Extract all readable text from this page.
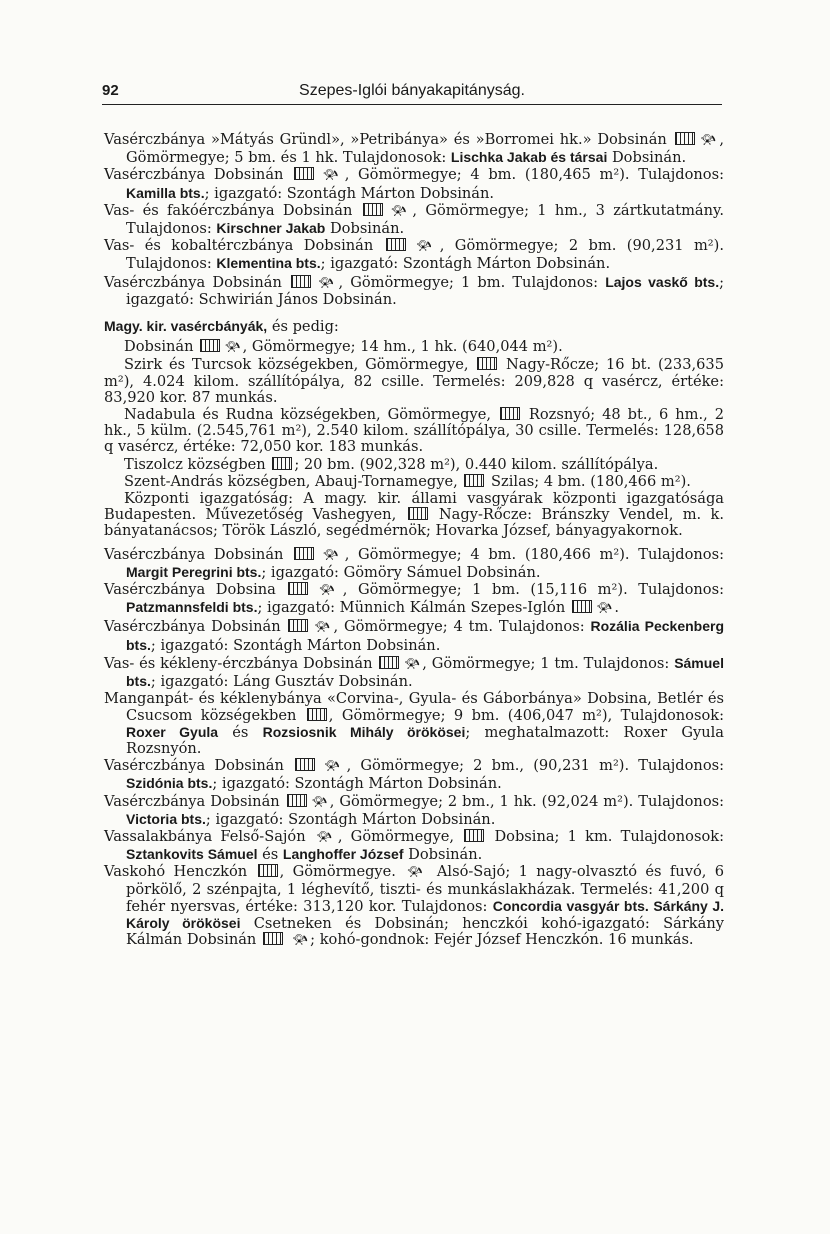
92	Szepes-Iglói bányakapitányság.

Vasérczbánya »Mátyás Gründl», »Petribánya» és »Borromei hk.» Dobsinán 📯︎ , Gömörmegye; 5 bm. és 1 hk. Tulajdonosok: Lischka Jakab és társai Dobsinán.

Vasérczbánya Dobsinán	📯︎ , Gömörmegye; 4 bm. (180,465 m²). Tulajdonos: Kamilla bts.; igazgató: Szontágh Márton Dobsinán.

Vas- és fakóérczbánya Dobsinán	📯︎ , Gömörmegye; 1 hm., 3 zártkutatmány. Tulajdonos: Kirschner Jakab Dobsinán.

Vas- és kobaltérczbánya Dobsinán	📯︎ , Gömörmegye; 2 bm. (90,231 m²). Tulajdonos: Klementina bts.; igazgató: Szontágh Márton Dobsinán.

Vasérczbánya Dobsinán	📯︎ , Gömörmegye; 1 bm. Tulajdonos: Lajos vaskő bts.; igazgató: Schwirián János Dobsinán.

Magy. kir. vasércbányák, és pedig:

Dobsinán 📯︎ , Gömörmegye; 14 hm., 1 hk. (640,044 m²).

Szirk és Turcsok községekben, Gömörmegye,	Nagy-Rőcze; 16 bt. (233,635 m²), 4.024 kilom. szállítópálya, 82 csille. Termelés: 209,828 q vasércz, értéke: 83,920 kor. 87 munkás.

Nadabula és Rudna községekben, Gömörmegye,	Rozsnyó; 48 bt., 6 hm., 2 hk., 5 külm. (2.545,761 m²), 2.540 kilom. szállítópálya, 30 csille. Termelés: 128,658 q vasércz, értéke: 72,050 kor. 183 munkás.

Tiszolcz községben ; 20 bm. (902,328 m²), 0.440 kilom. szállítópálya.

Szent-András községben, Abauj-Tornamegye, Szilas; 4 bm. (180,466 m²).

Központi igazgatóság: A magy. kir. állami vasgyárak központi igazgatósága Budapesten. Művezetőség Vashegyen,	Nagy-Rőcze: Bránszky Vendel, m. k. bányatanácsos; Török László, segédmérnök; Hovarka József, bányagyakornok.

Vasérczbánya Dobsinán	📯︎ , Gömörmegye; 4 bm. (180,466 m²). Tulajdonos: Margit Peregrini bts.; igazgató: Gömöry Sámuel Dobsinán.

Vasérczbánya Dobsina	📯︎ , Gömörmegye; 1 bm. (15,116 m²). Tulajdonos: Patzmannsfeldi bts.; igazgató: Münnich Kálmán Szepes-Iglón 📯︎ .

Vasérczbánya Dobsinán 📯︎ , Gömörmegye; 4 tm. Tulajdonos: Rozália Peckenberg bts.; igazgató: Szontágh Márton Dobsinán.

Vas- és kékleny-érczbánya Dobsinán 📯︎ , Gömörmegye; 1 tm. Tulajdonos: Sámuel bts.; igazgató: Láng Gusztáv Dobsinán.

Manganpát- és kéklenybánya «Corvina-, Gyula- és Gáborbánya» Dobsina, Betlér és Csucsom községekben , Gömörmegye; 9 bm. (406,047 m²), Tulajdonosok: Roxer Gyula és Rozsiosnik Mihály örökösei; meghatalmazott: Roxer Gyula Rozsnyón.

Vasérczbánya Dobsinán	📯︎ , Gömörmegye; 2 bm., (90,231 m²). Tulajdonos: Szidónia bts.; igazgató: Szontágh Márton Dobsinán.

Vasérczbánya Dobsinán 📯︎ , Gömörmegye; 2 bm., 1 hk. (92,024 m²). Tulajdonos: Victoria bts.; igazgató: Szontágh Márton Dobsinán.

Vassalakbánya Felső-Sajón 📯︎ , Gömörmegye,	Dobsina; 1 km. Tulajdonosok: Sztankovits Sámuel és Langhoffer József Dobsinán.

Vaskohó Henczkón , Gömörmegye. 📯︎ Alsó-Sajó; 1 nagy-olvasztó és fuvó, 6 pörkölő, 2 szénpajta, 1 léghevítő, tiszti- és munkáslakházak. Termelés: 41,200 q fehér nyersvas, értéke: 313,120 kor. Tulajdonos: Concordia vasgyár bts. Sárkány J. Károly örökösei Csetneken és Dobsinán; henczkói kohó-igazgató: Sárkány Kálmán Dobsinán	📯︎ ; kohó-gondnok: Fejér József Henczkón. 16 munkás.
